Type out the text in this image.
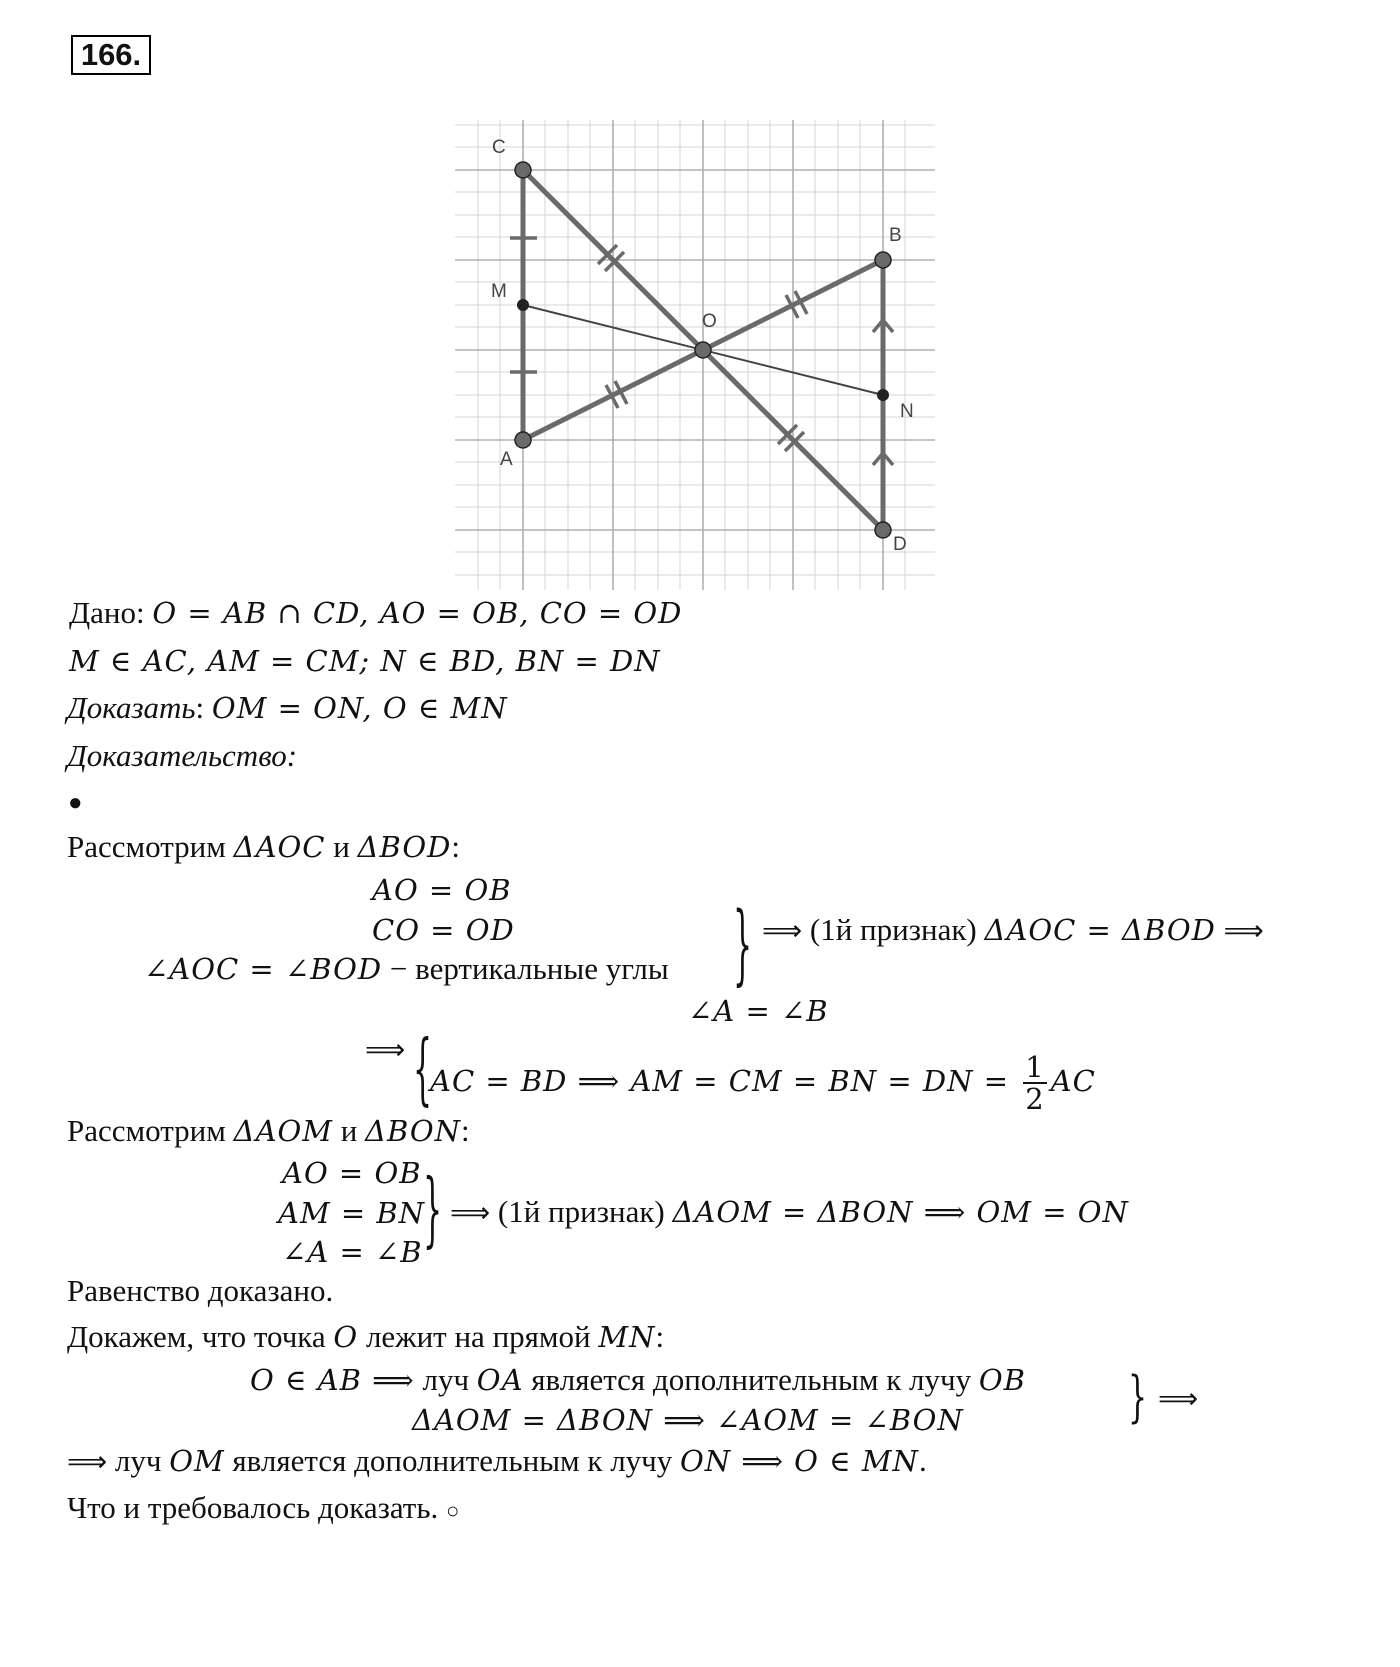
166.
C
B
M
O
N
A
D
Дано: O = AB ∩ CD, AO = OB, CO = OD
M ∈ AC, AM = CM; N ∈ BD, BN = DN
Доказать: OM = ON, O ∈ MN
Доказательство:
●
Рассмотрим ΔAOC и ΔBOD:
AO = OB
CO = OD
∠AOC = ∠BOD − вертикальные углы } ⟹ (1й признак) ΔAOC = ΔBOD ⟹
⟹ {
∠A = ∠B
AC = BD ⟹ AM = CM = BN = DN = $\frac{1}{2}$ AC
Рассмотрим ΔAOM и ΔBON:
AO = OB
AM = BN
∠A = ∠B } ⟹ (1й признак) ΔAOM = ΔBON ⟹ OM = ON
Равенство доказано.
Докажем, что точка O лежит на прямой MN:
O ∈ AB ⟹ луч OA является дополнительным к лучу OB
ΔAOM = ΔBON ⟹ ∠AOM = ∠BON	} ⟹
⟹ луч OM является дополнительным к лучу ON ⟹ O ∈ MN.
Что и требовалось доказать. ○
